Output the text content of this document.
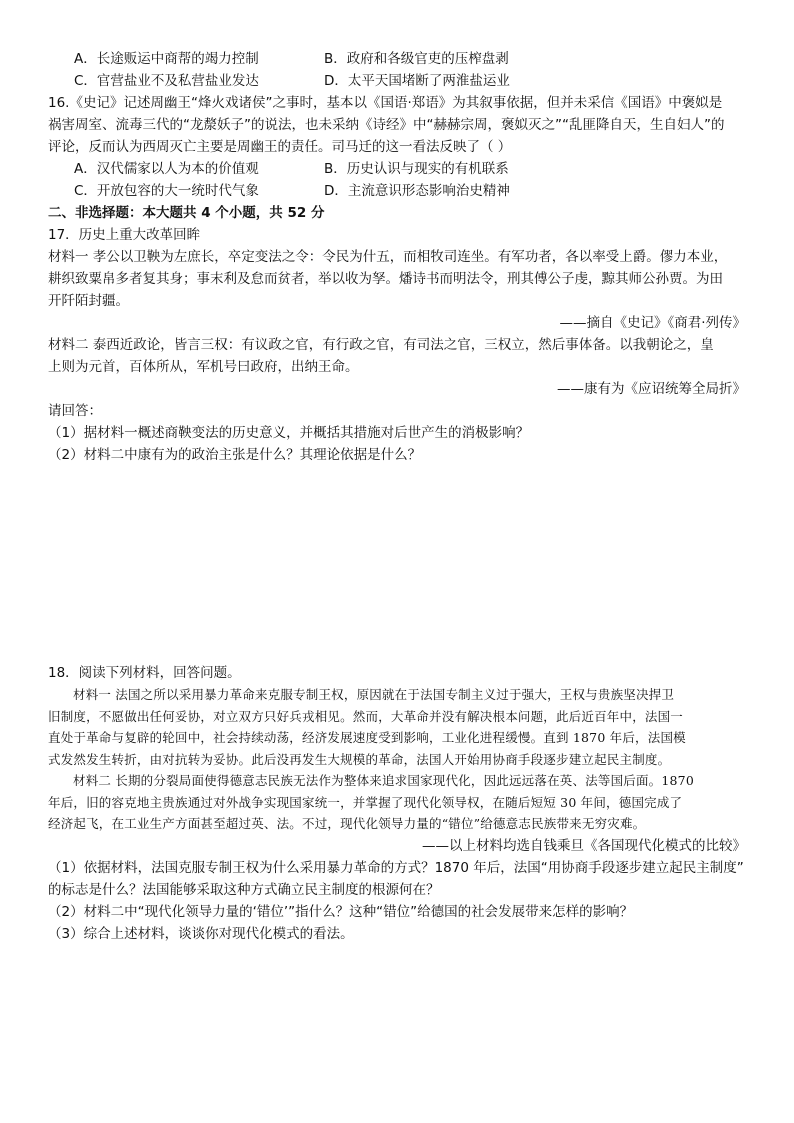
A．长途贩运中商帮的竭力控制	B．政府和各级官吏的压榨盘剥
C．官营盐业不及私营盐业发达	D．太平天国堵断了两淮盐运业
16.《史记》记述周幽王“烽火戏诸侯”之事时，基本以《国语·郑语》为其叙事依据，但并未采信《国语》中褒姒是
祸害周室、流毒三代的“龙漦妖子”的说法，也未采纳《诗经》中“赫赫宗周，褒姒灭之”“乱匪降自天，生自妇人”的
评论，反而认为西周灭亡主要是周幽王的责任。司马迁的这一看法反映了（ ）
A．汉代儒家以人为本的价值观	B．历史认识与现实的有机联系
C．开放包容的大一统时代气象	D．主流意识形态影响治史精神
二、非选择题：本大题共 4 个小题，共 52 分
17．历史上重大改革回眸
材料一 孝公以卫鞅为左庶长，卒定变法之令：令民为什五，而相牧司连坐。有军功者，各以率受上爵。僇力本业，
耕织致粟帛多者复其身；事末利及怠而贫者，举以收为孥。燔诗书而明法令，刑其傅公子虔，黥其师公孙贾。为田
开阡陌封疆。
——摘自《史记》《商君·列传》
材料二 泰西近政论，皆言三权：有议政之官，有行政之官，有司法之官，三权立，然后事体备。以我朝论之，皇
上则为元首，百体所从，军机号曰政府，出纳王命。
——康有为《应诏统筹全局折》
请回答：
（1）据材料一概述商鞅变法的历史意义，并概括其措施对后世产生的消极影响？
（2）材料二中康有为的政治主张是什么？其理论依据是什么？
18．阅读下列材料，回答问题。
材料一 法国之所以采用暴力革命来克服专制王权，原因就在于法国专制主义过于强大，王权与贵族坚决捍卫
旧制度，不愿做出任何妥协，对立双方只好兵戎相见。然而，大革命并没有解决根本问题，此后近百年中，法国一
直处于革命与复辟的轮回中，社会持续动荡，经济发展速度受到影响，工业化进程缓慢。直到 1870 年后，法国模
式发然发生转折，由对抗转为妥协。此后没再发生大规模的革命，法国人开始用协商手段逐步建立起民主制度。
材料二 长期的分裂局面使得德意志民族无法作为整体来追求国家现代化，因此远远落在英、法等国后面。1870
年后，旧的容克地主贵族通过对外战争实现国家统一，并掌握了现代化领导权，在随后短短 30 年间，德国完成了
经济起飞，在工业生产方面甚至超过英、法。不过，现代化领导力量的“错位”给德意志民族带来无穷灾难。
——以上材料均选自钱乘旦《各国现代化模式的比较》
（1）依据材料，法国克服专制王权为什么采用暴力革命的方式？1870 年后，法国“用协商手段逐步建立起民主制度”
的标志是什么？法国能够采取这种方式确立民主制度的根源何在？
（2）材料二中“现代化领导力量的‘错位’”指什么？这种“错位”给德国的社会发展带来怎样的影响？
（3）综合上述材料，谈谈你对现代化模式的看法。
